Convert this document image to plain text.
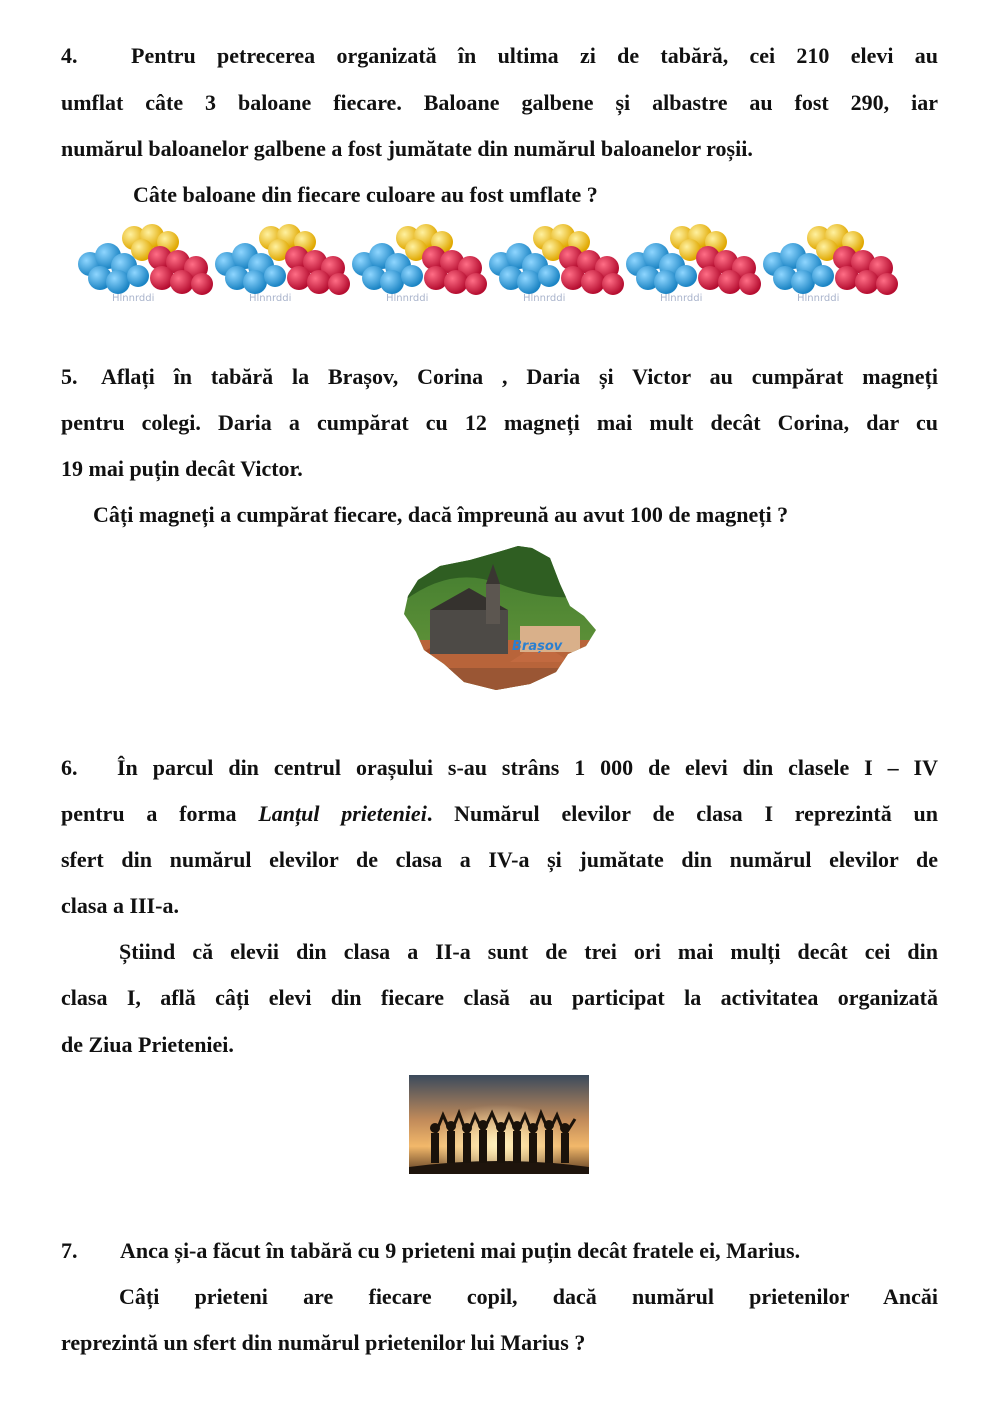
4. Pentru petrecerea organizată în ultima zi de tabără, cei 210 elevi au
umflat câte 3 baloane fiecare. Baloane galbene și albastre au fost 290, iar
numărul baloanelor galbene a fost jumătate din numărul baloanelor roșii.
Câte baloane din fiecare culoare au fost umflate ?
5. Aflați în tabără la Brașov, Corina , Daria și Victor au cumpărat magneți
pentru colegi. Daria a cumpărat cu 12 magneți mai mult decât Corina, dar cu
19 mai puțin decât Victor.
Câți magneți a cumpărat fiecare, dacă împreună au avut 100 de magneți ?
Brașov
6. În parcul din centrul orașului s-au strâns 1 000 de elevi din clasele I – IV
pentru a forma Lanțul prieteniei. Numărul elevilor de clasa I reprezintă un
sfert din numărul elevilor de clasa a IV-a și jumătate din numărul elevilor de
clasa a III-a.
Știind că elevii din clasa a II-a sunt de trei ori mai mulți decât cei din
clasa I, află câți elevi din fiecare clasă au participat la activitatea organizată
de Ziua Prieteniei.
7. Anca și-a făcut în tabără cu 9 prieteni mai puțin decât fratele ei, Marius.
Câți prieteni are fiecare copil, dacă numărul prietenilor Ancăi
reprezintă un sfert din numărul prietenilor lui Marius ?
